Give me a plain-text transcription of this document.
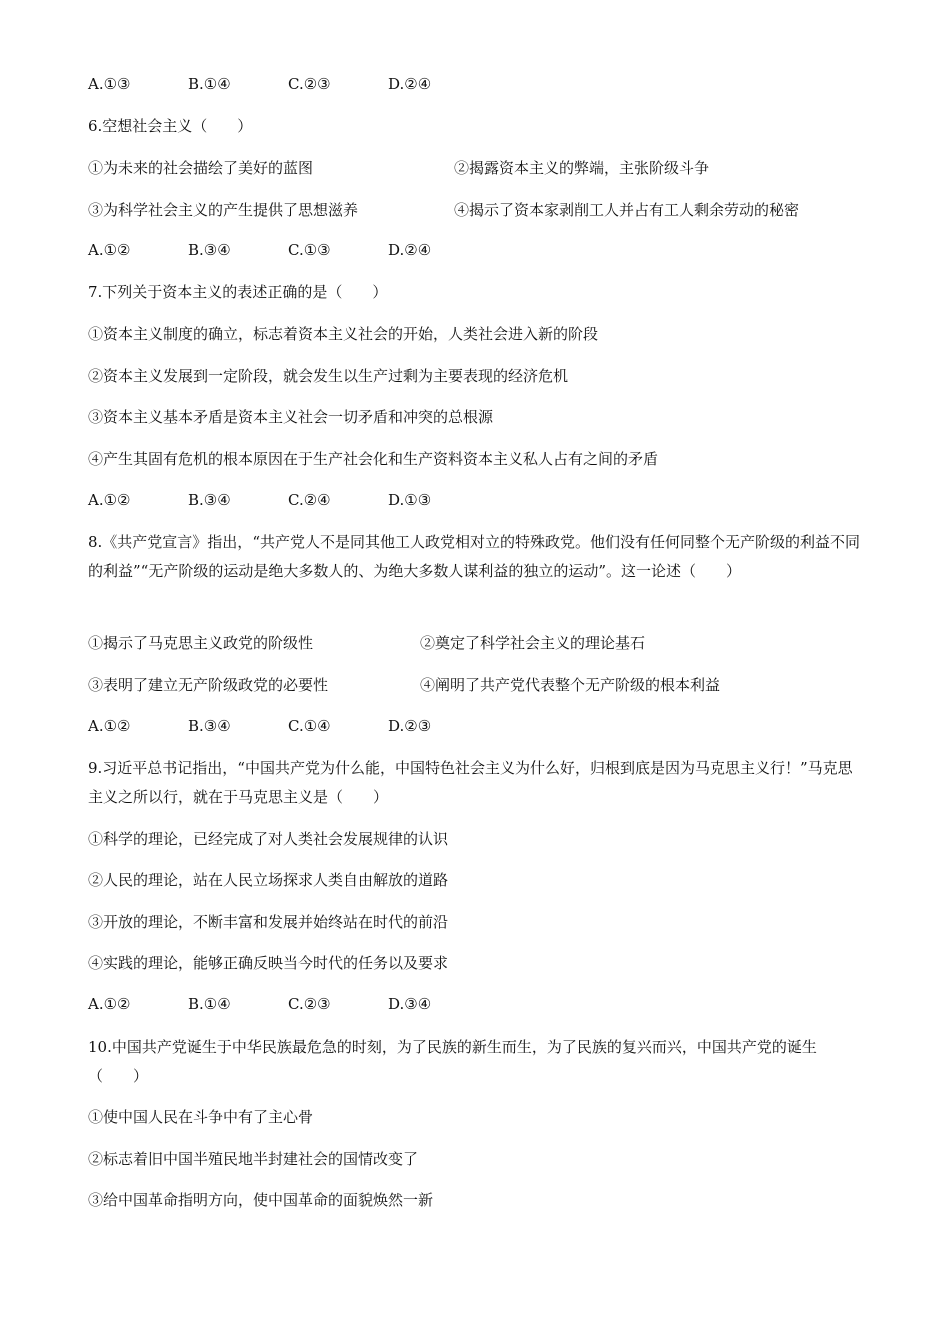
A.①③	B.①④	C.②③	D.②④
6.空想社会主义（　　）
①为未来的社会描绘了美好的蓝图	②揭露资本主义的弊端，主张阶级斗争
③为科学社会主义的产生提供了思想滋养	④揭示了资本家剥削工人并占有工人剩余劳动的秘密
A.①②	B.③④	C.①③	D.②④
7.下列关于资本主义的表述正确的是（　　）
①资本主义制度的确立，标志着资本主义社会的开始，人类社会进入新的阶段
②资本主义发展到一定阶段，就会发生以生产过剩为主要表现的经济危机
③资本主义基本矛盾是资本主义社会一切矛盾和冲突的总根源
④产生其固有危机的根本原因在于生产社会化和生产资料资本主义私人占有之间的矛盾
A.①②	B.③④	C.②④	D.①③
8.《共产党宣言》指出，“共产党人不是同其他工人政党相对立的特殊政党。他们没有任何同整个无产阶级的利益不同的利益”“无产阶级的运动是绝大多数人的、为绝大多数人谋利益的独立的运动”。这一论述（　　）
①揭示了马克思主义政党的阶级性	②奠定了科学社会主义的理论基石
③表明了建立无产阶级政党的必要性	④阐明了共产党代表整个无产阶级的根本利益
A.①②	B.③④	C.①④	D.②③
9.习近平总书记指出，“中国共产党为什么能，中国特色社会主义为什么好，归根到底是因为马克思主义行！”马克思主义之所以行，就在于马克思主义是（　　）
①科学的理论，已经完成了对人类社会发展规律的认识
②人民的理论，站在人民立场探求人类自由解放的道路
③开放的理论，不断丰富和发展并始终站在时代的前沿
④实践的理论，能够正确反映当今时代的任务以及要求
A.①②	B.①④	C.②③	D.③④
10.中国共产党诞生于中华民族最危急的时刻，为了民族的新生而生，为了民族的复兴而兴，中国共产党的诞生（　　）
①使中国人民在斗争中有了主心骨
②标志着旧中国半殖民地半封建社会的国情改变了
③给中国革命指明方向，使中国革命的面貌焕然一新
